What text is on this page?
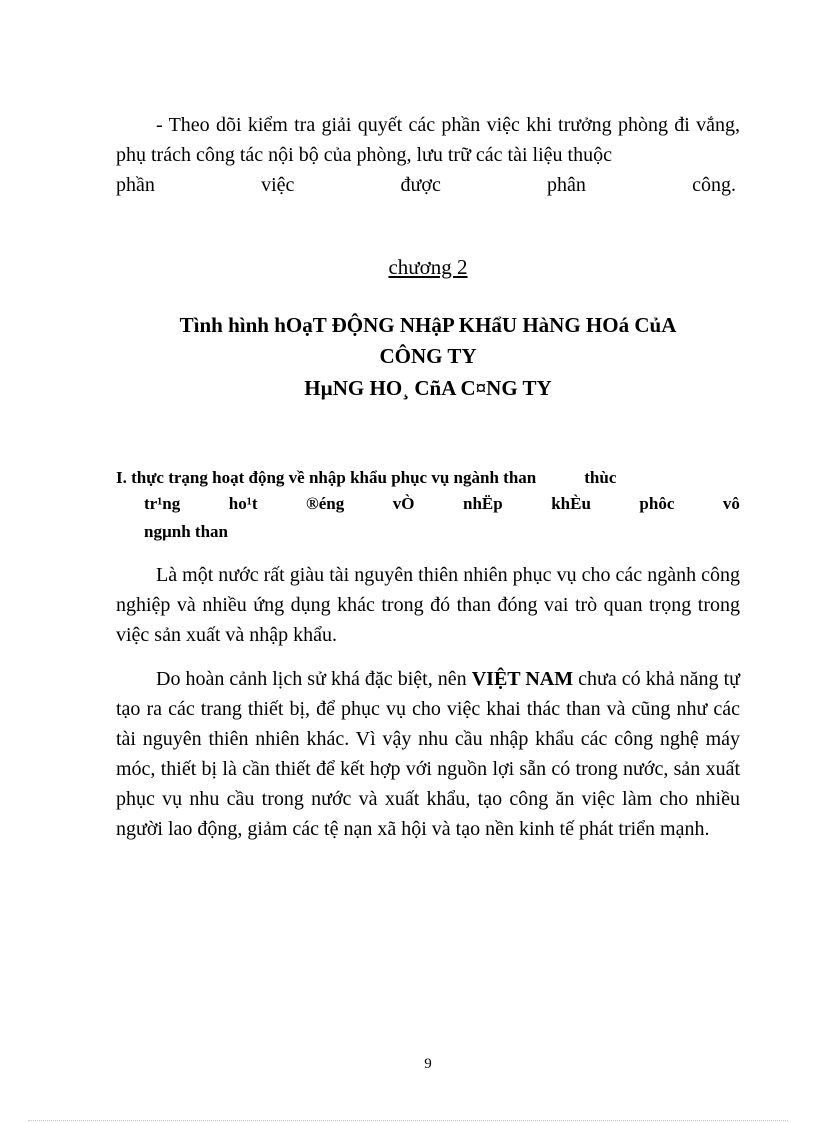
- Theo dõi kiểm tra giải quyết các phần việc khi trưởng phòng đi vắng, phụ trách công tác nội bộ của phòng, lưu trữ các tài liệu thuộc

phần	việc	được	phân	công.

chương 2

Tình hình hOạT ĐỘNG NHậP KHẩU HàNG HOá CủA

CÔNG TY

HµNG HO¸ CñA C¤NG TY

I. thực trạng hoạt động về nhập khẩu phục vụ ngành than	thùc

tr¹ng	ho¹t	®éng	vÒ	nhËp	khÈu	phôc	vô

ngµnh than

Là một nước rất giàu tài nguyên thiên nhiên phục vụ cho các ngành công nghiệp và nhiều ứng dụng khác trong đó than đóng vai trò quan trọng trong việc sản xuất và nhập khẩu.

Do hoàn cảnh lịch sử khá đặc biệt, nên VIỆT NAM chưa có khả năng tự tạo ra các trang thiết bị, để phục vụ cho việc khai thác than và cũng như các tài nguyên thiên nhiên khác. Vì vậy nhu cầu nhập khẩu các công nghệ máy móc, thiết bị là cần thiết để kết hợp với nguồn lợi sẵn có trong nước, sản xuất phục vụ nhu cầu trong nước và xuất khẩu, tạo công ăn việc làm cho nhiều người lao động, giảm các tệ nạn xã hội và tạo nền kinh tế phát triển mạnh.

9
